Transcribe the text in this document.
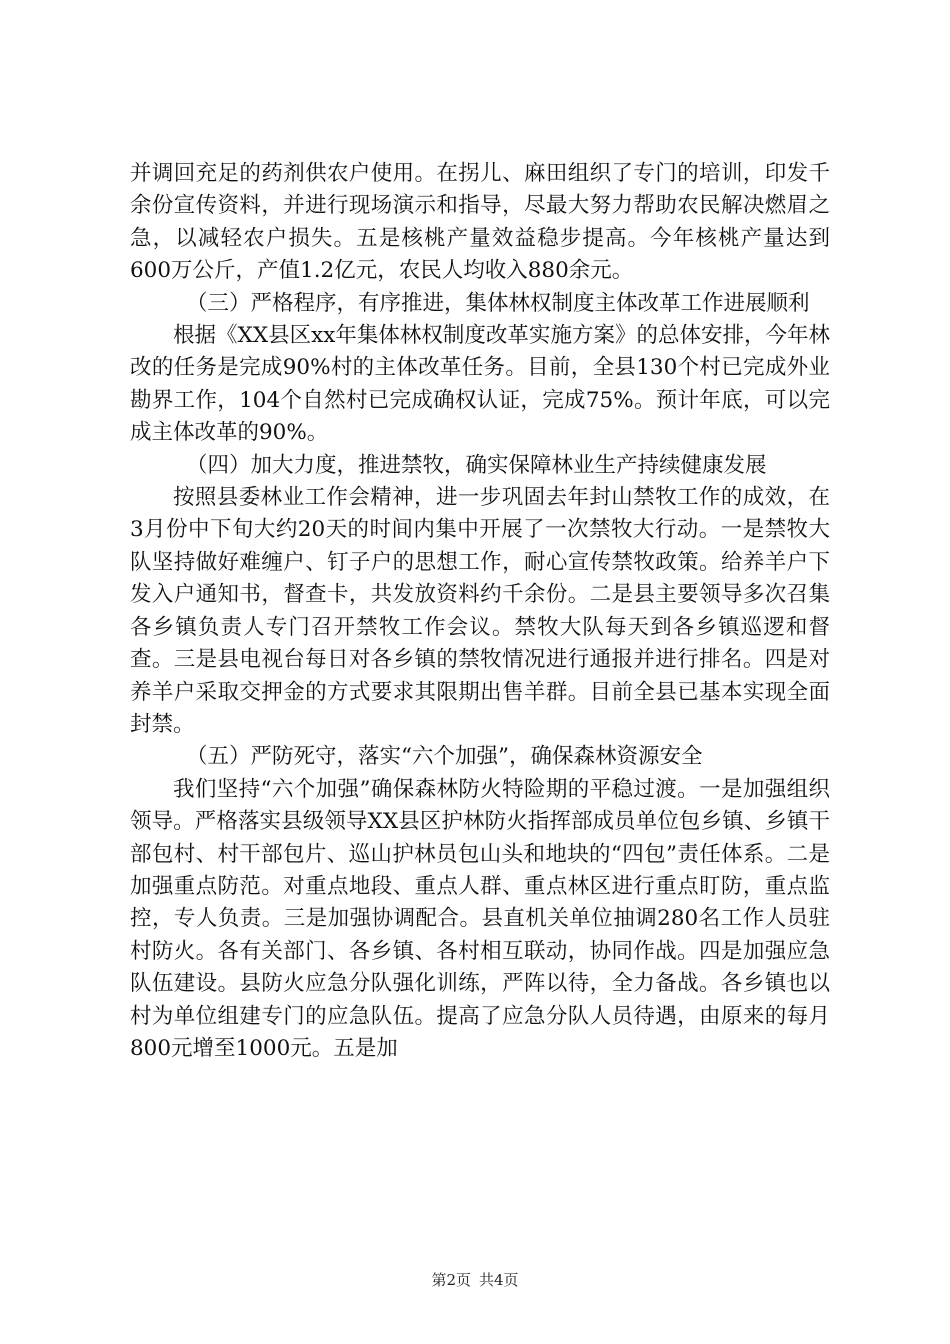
并调回充足的药剂供农户使用。在拐儿、麻田组织了专门的培训，印发千余份宣传资料，并进行现场演示和指导，尽最大努力帮助农民解决燃眉之急，以减轻农户损失。五是核桃产量效益稳步提高。今年核桃产量达到600万公斤，产值1.2亿元，农民人均收入880余元。

（三）严格程序，有序推进，集体林权制度主体改革工作进展顺利

根据《XX县区xx年集体林权制度改革实施方案》的总体安排，今年林改的任务是完成90%村的主体改革任务。目前，全县130个村已完成外业勘界工作，104个自然村已完成确权认证，完成75%。预计年底，可以完成主体改革的90%。

（四）加大力度，推进禁牧，确实保障林业生产持续健康发展

按照县委林业工作会精神，进一步巩固去年封山禁牧工作的成效，在3月份中下旬大约20天的时间内集中开展了一次禁牧大行动。一是禁牧大队坚持做好难缠户、钉子户的思想工作，耐心宣传禁牧政策。给养羊户下发入户通知书，督查卡，共发放资料约千余份。二是县主要领导多次召集各乡镇负责人专门召开禁牧工作会议。禁牧大队每天到各乡镇巡逻和督查。三是县电视台每日对各乡镇的禁牧情况进行通报并进行排名。四是对养羊户采取交押金的方式要求其限期出售羊群。目前全县已基本实现全面封禁。

（五）严防死守，落实“六个加强”，确保森林资源安全

我们坚持“六个加强”确保森林防火特险期的平稳过渡。一是加强组织领导。严格落实县级领导XX县区护林防火指挥部成员单位包乡镇、乡镇干部包村、村干部包片、巡山护林员包山头和地块的“四包”责任体系。二是加强重点防范。对重点地段、重点人群、重点林区进行重点盯防，重点监控，专人负责。三是加强协调配合。县直机关单位抽调280名工作人员驻村防火。各有关部门、各乡镇、各村相互联动，协同作战。四是加强应急队伍建设。县防火应急分队强化训练，严阵以待，全力备战。各乡镇也以村为单位组建专门的应急队伍。提高了应急分队人员待遇，由原来的每月800元增至1000元。五是加

第2页 共4页
